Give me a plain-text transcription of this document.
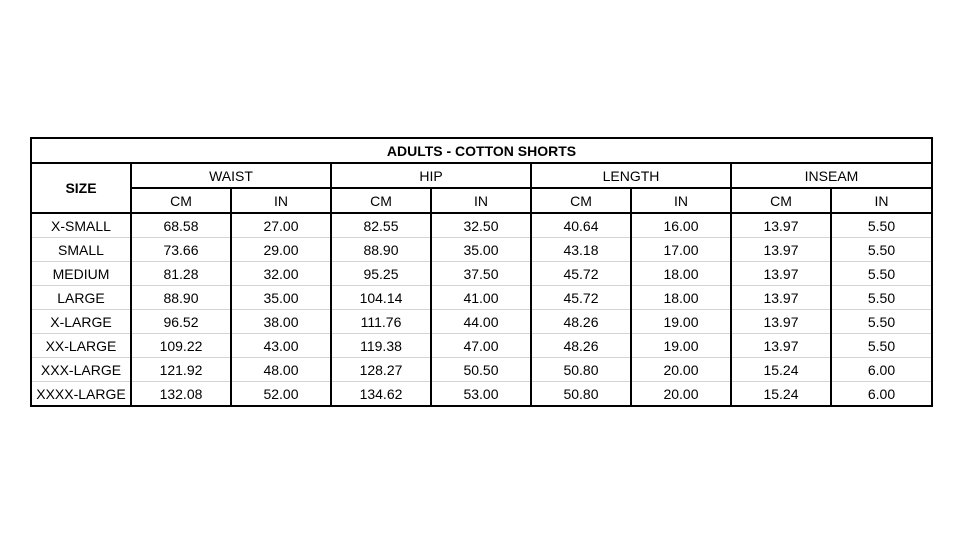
ADULTS - COTTON SHORTS								
SIZE	WAIST		HIP		LENGTH		INSEAM	
	CM	IN	CM	IN	CM	IN	CM	IN
X-SMALL	68.58	27.00	82.55	32.50	40.64	16.00	13.97	5.50
SMALL	73.66	29.00	88.90	35.00	43.18	17.00	13.97	5.50
MEDIUM	81.28	32.00	95.25	37.50	45.72	18.00	13.97	5.50
LARGE	88.90	35.00	104.14	41.00	45.72	18.00	13.97	5.50
X-LARGE	96.52	38.00	111.76	44.00	48.26	19.00	13.97	5.50
XX-LARGE	109.22	43.00	119.38	47.00	48.26	19.00	13.97	5.50
XXX-LARGE	121.92	48.00	128.27	50.50	50.80	20.00	15.24	6.00
XXXX-LARGE	132.08	52.00	134.62	53.00	50.80	20.00	15.24	6.00
